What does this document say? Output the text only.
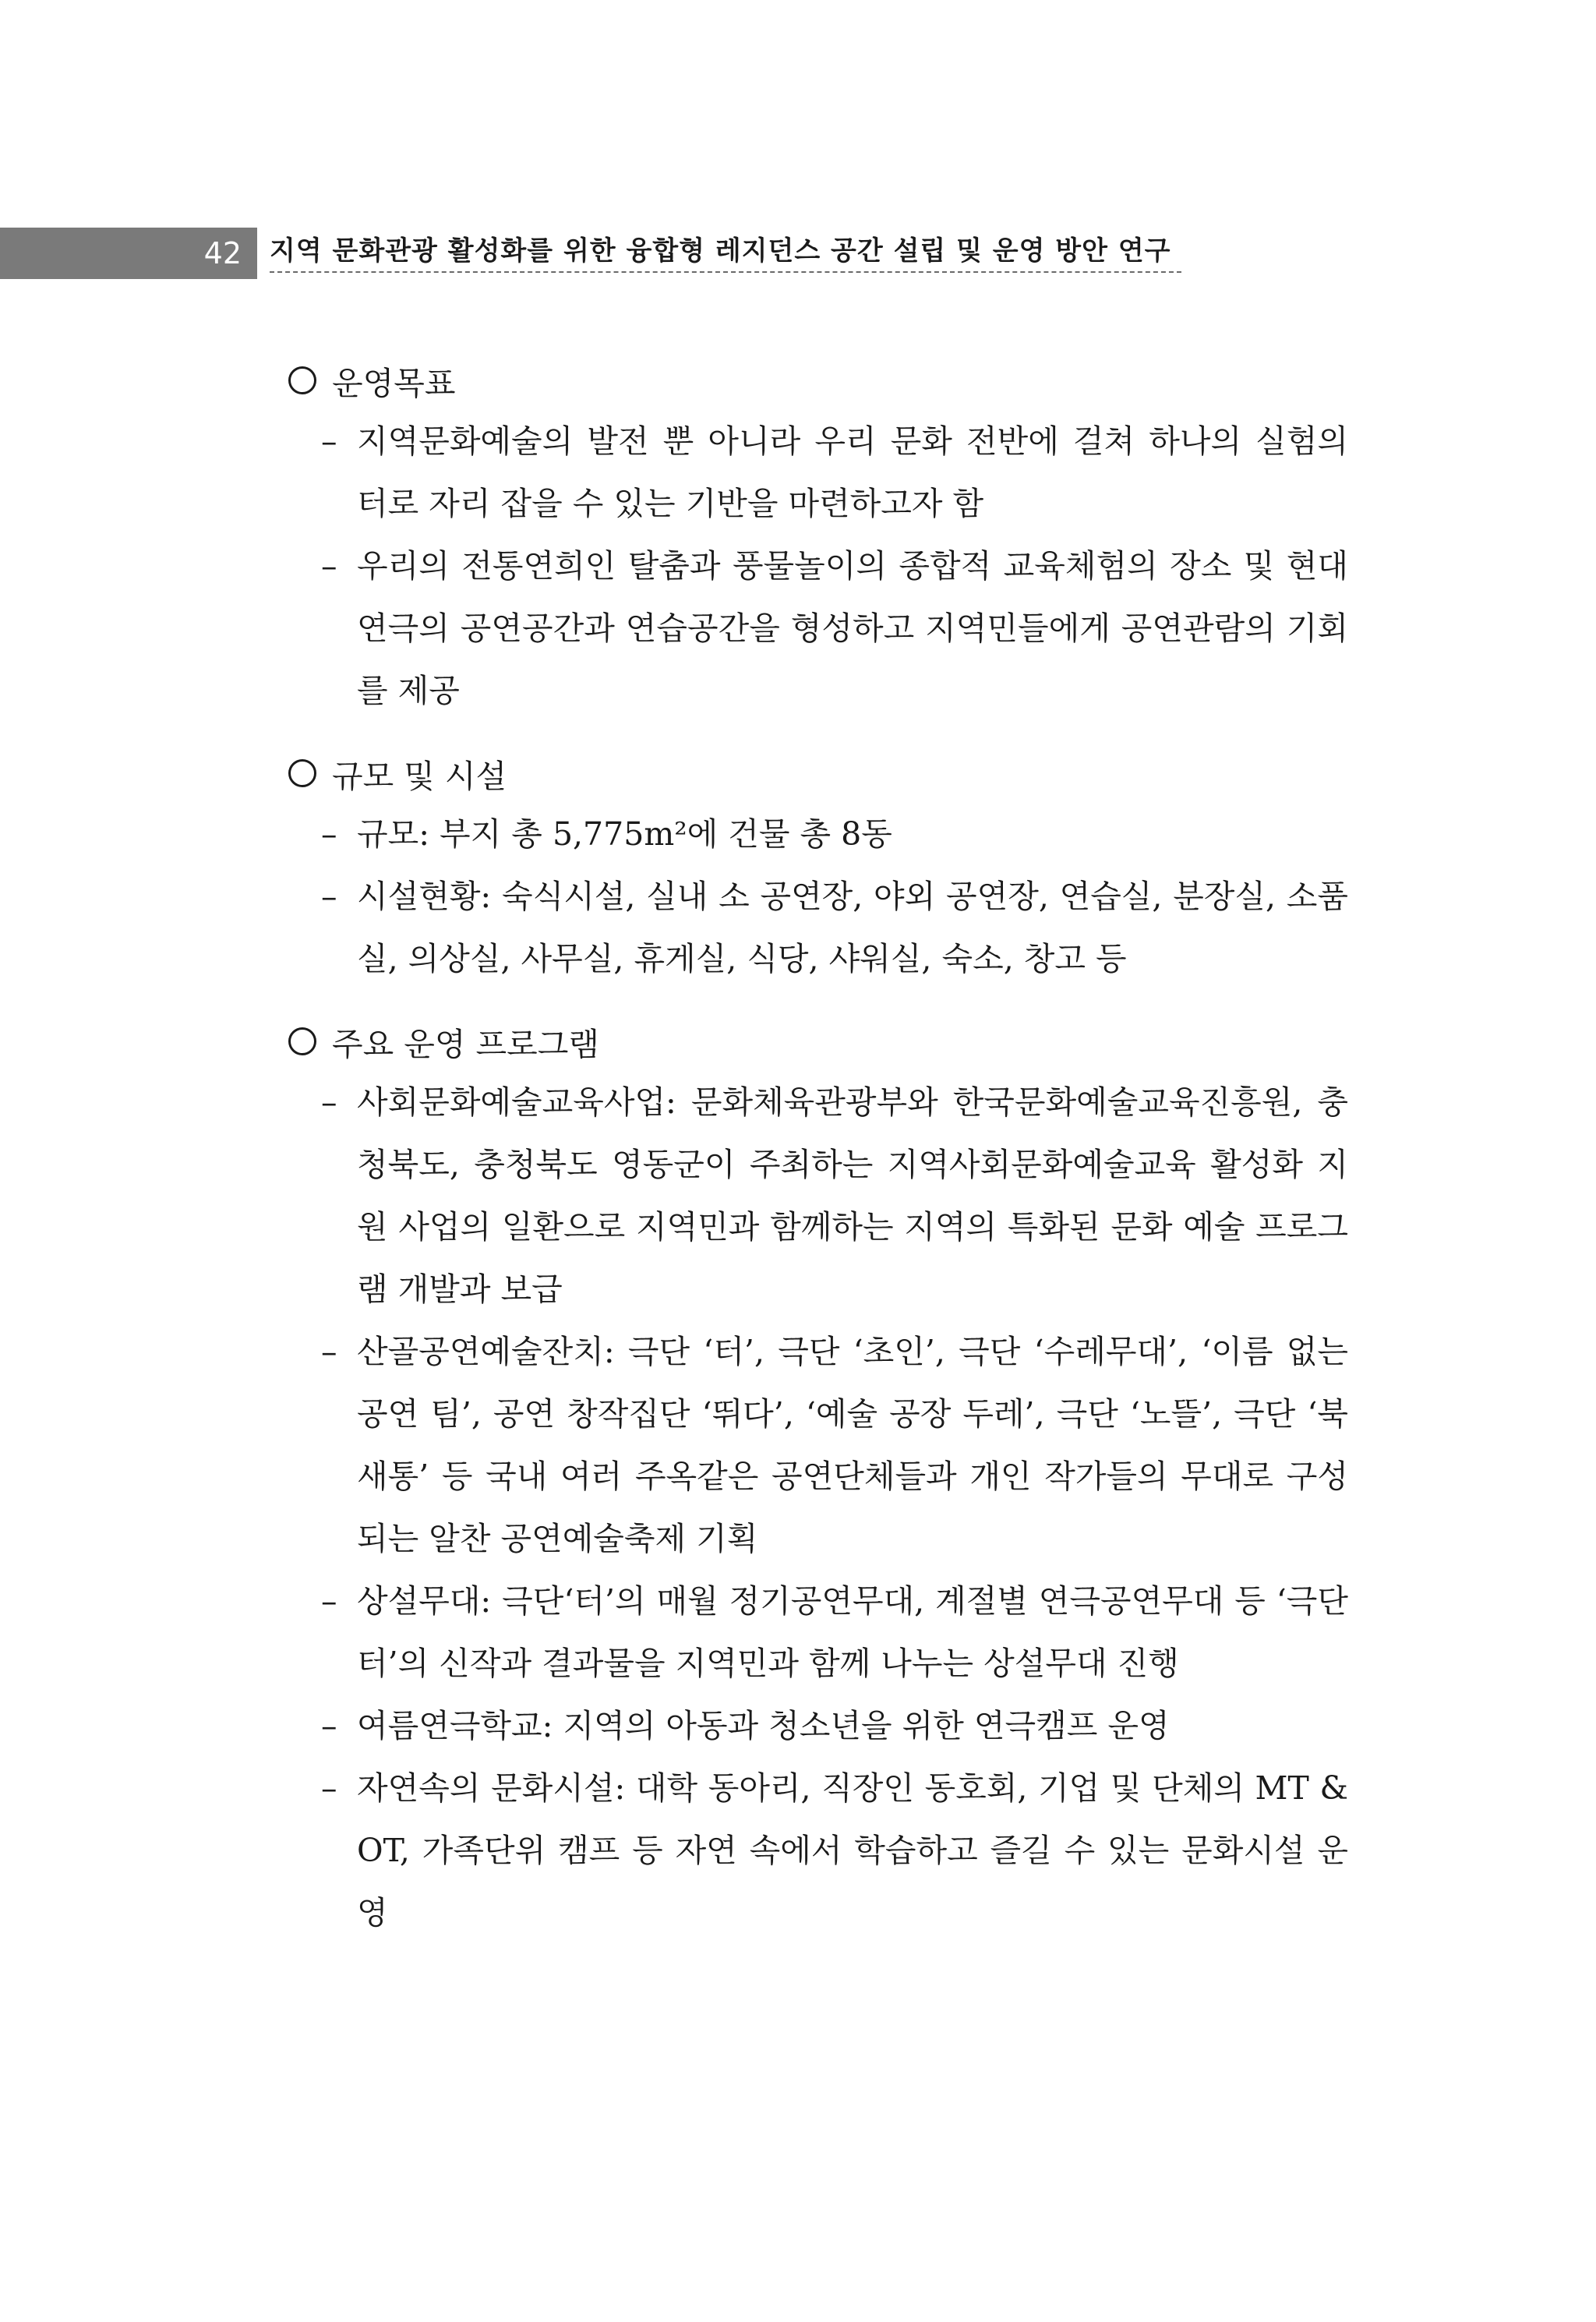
42 지역 문화관광 활성화를 위한 융합형 레지던스 공간 설립 및 운영 방안 연구
운영목표
– 지역문화예술의 발전 뿐 아니라 우리 문화 전반에 걸쳐 하나의 실험의 터로 자리 잡을 수 있는 기반을 마련하고자 함
– 우리의 전통연희인 탈춤과 풍물놀이의 종합적 교육체험의 장소 및 현대 연극의 공연공간과 연습공간을 형성하고 지역민들에게 공연관람의 기회를 제공
규모 및 시설
– 규모: 부지 총 5,775m²에 건물 총 8동
– 시설현황: 숙식시설, 실내 소 공연장, 야외 공연장, 연습실, 분장실, 소품실, 의상실, 사무실, 휴게실, 식당, 샤워실, 숙소, 창고 등
주요 운영 프로그램
– 사회문화예술교육사업: 문화체육관광부와 한국문화예술교육진흥원, 충청북도, 충청북도 영동군이 주최하는 지역사회문화예술교육 활성화 지원 사업의 일환으로 지역민과 함께하는 지역의 특화된 문화 예술 프로그램 개발과 보급
– 산골공연예술잔치: 극단 ‘터’, 극단 ‘초인’, 극단 ‘수레무대’, ‘이름 없는 공연 팀’, 공연 창작집단 ‘뛰다’, ‘예술 공장 두레’, 극단 ‘노뜰’, 극단 ‘북새통’ 등 국내 여러 주옥같은 공연단체들과 개인 작가들의 무대로 구성되는 알찬 공연예술축제 기획
– 상설무대: 극단‘터’의 매월 정기공연무대, 계절별 연극공연무대 등 ‘극단 터’의 신작과 결과물을 지역민과 함께 나누는 상설무대 진행
– 여름연극학교: 지역의 아동과 청소년을 위한 연극캠프 운영
– 자연속의 문화시설: 대학 동아리, 직장인 동호회, 기업 및 단체의 MT & OT, 가족단위 캠프 등 자연 속에서 학습하고 즐길 수 있는 문화시설 운영
